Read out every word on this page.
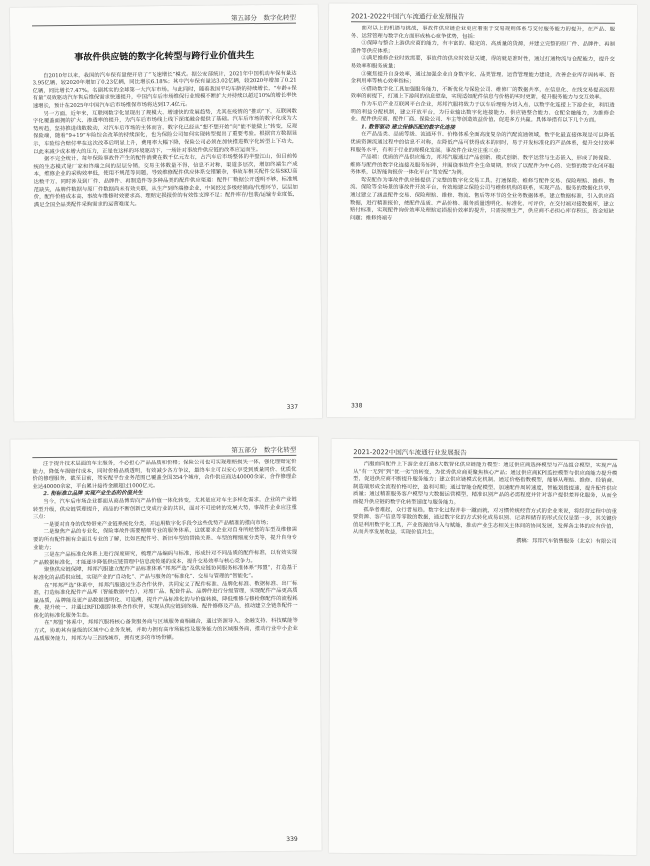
第五部分　数字化转型
事故件供应链的数字化转型与跨行业价值共生

自2010年以来，我国的汽车保有量便开启了“飞速增长”模式。据公安部统计，2021年中国机动车保有量达3.95亿辆，较2020年增加了0.23亿辆，同比增长6.18%；其中汽车保有量达3.02亿辆，较2020年增加了0.21亿辆，同比增长7.47%。名副其实的全球第一大汽车市场。与此同时，随着我国平均车龄的持续增长，“车龄+保有量”双效驱动汽车售后维保需求快速提升，中国汽车后市场维保行业规模不断扩大并持续以超过10%的增长率快速增长，预计在2025年中国汽车后市场维保市场将达到17.4亿元。

另一方面，近年来，互联网数字化显现出了规模大、增速快的发展趋势，尤其在疫情的“推动”下，互联网数字化覆盖面拥的扩大、渗透率的提升，为汽车后市场线上线下深度融合提供了基础。汽车后市场的数字化成为大势所趋，坚持推进线数数动，对汽车后市场的主体而言，数字化已经从“想不想开始”向“能不能做上”转变，反观保险端，随着“9+19”车险综合改革的持续深化，也为保险公司如何实现转型提出了重要考验。根据官方数据显示，车险综合赔付率在这次改革后明显上升，费用率大幅下降，保险公司必须在加快推进数字化转型上下功夫，以此来减少成本增大的压力，正是在这样的环境驱动下，一场针对事故件供应链的改革应运而生。

据不完全统计，每年保险事故件产生的配件消费在数千亿元左右，占汽车后市场整体的半壁江山，但目前传统的生态模式是厂家和终端之间的层层分销，交易主体数量不得，信息不对称，渠道多层次，增加终端生产成本，维修企业的采购效率低，使用不规范等问题，导致维修配件供应体系交错繁杂，事故车相关配件交易SKU高达数千万，同时涉及到厂件、品牌件、再制造件等多种品类的配件供应渠道：配件厂数据公开透明不够，标准规范缺失，品牌件数据与原厂件数据尚未有效关联，从生产到终端修企业，中间经过多级经销商/代理环节，层层加价，配件价格成本高，事故车维修时效要求高、理赔定损报价的有效性支撑不足；配件库存/包装/运输专业度低，满足全国全品类配件采购需求的运营难度大。

337
2021-2022中国汽车流通行业发展报告

面对以上的机遇与挑战，事故件供应链企业更应着重于交易规则体系与交付服务能力的提升，在产品、服务、运营管理与数字化方面形成核心竞争优势，包括：

①保障与整合上游供应商的能力，有丰富的、稳定的、高质量的货源，并建立完整的原厂件、品牌件、再制造件等供应体系；

②满足维修企业时效需要，事故件的供应时效是关键，得的就是准时性，通过打通物流与仓配能力，提升交易效率和服务质量；

③聚焦提升自身效率，通过加强企业自身数字化、品类管理、运营管理能力建设，改善企业库存周转率、资金利用率等核心效率指标；

④借助数字化工具加强服务能力，不断优化与保险公司、维修厂的数据共享，在信息化、在线交易提高流程效率的前提下，打通上下游间的信息壁垒，实现适如配件信息与价格的实时更新，提升服务能力与交互效率。

作为车后产业互联网平台企业，邦邦汽服将致力于以车后理赔为切入点，以数字化连接上下游企业，利用透明的利益分配机制，建立开放平台，为行业输出数字化连接能力、供应链整合能力、仓配全融能力，为维修企业、配件供应商、配件厂商、保险公司、车主等创造效益价值，促进多方共赢。具体举措有以下几个方面。

1. 数智驱动 建立保修匹配的数字化连接

在产品品类、品质等级、流通环节、价格体系全面高度复杂的汽配流通领域，数字化最直接体现是可以降低优质资源流通过程中的信息不对称，在降低产品可获得成本的同时，易于开发标准化的产品体系，提升交付效率和服务水平，有利于行业的规模化发展。事故件企业应注重三点：

产品端：优质的产品供应能力，邦邦汽服通过产品创新、模式创新、数字运营与生态嵌入，形成了跨保险、维修与配件的数字化连接及服务矩阵，并围绕事故件全生命周期，形成了以配件为中心的、完整的数字化闭环服务体系，以智能询报价一体化平台“驾安配”为例。

驾安配作为事故件供应链提供了完整的数字化交易工具，打通保险、维修与配件交易、保险理赔、维修、物流、保险等全场景的事故件开放平台，有效地建立保险公司与维修机构的联系，实现产品、服务的数据化共享，通过建立了涵盖配件交易、保险理赔、维修、物流、售后等环节的全业务数据体系，建立数据标准，引入供应商数据，进行精准报价，使配件品质、产品价格、服务质量透明化、标准化、可评价，在交付端对接数据库，建立赔付标准，实现配件询价效率及理赔定损报价效率的提升，只需按照生产，供应商不必担心库存积压，资金短缺问题；维修终端专

338
第五部分　数字化转型

注于提升技术层面的车主服务，不必担心产品品质和价格；保险公司也可实现理赔损失一体，强化理赔定价能力，降低车损赔付成本，同时价格品质透明，有效减少各方争议，最终车主可以安心享受到质量同价、优质优价的修理服务，截至目前，驾安配平台业务范围已覆盖全国354个城市，合作供应商达40000余家，合作修理企业达40000余家，平台累计接待金额超过1000亿元。

2. 衔标准立品牌 实现产业生态的价值共生

当今，汽车后市场企业都面从商品博弈向产品价值一体化转变，尤其是应对车主多样化需求，企业的产业链转型升级，供应链管理提升，商品的不断创新已变成行业的共识，面对不可逆转的发展大势，事故件企业应注重三点：

一是要对自身的优势带来产业链系统化分类，并运用数字化手段令这些优势产品精准的推向市场；

二是聚焦产品的专业化，保险事故件需要精细专业的服务体系，这就要求企业对自身所经营的车型及维修需要的所有配件拥有全面且专业的了解，比如匹配件号、新旧车型的替换关系、车型的精细度分类等，提升自身专业能力；

三是在产品标准化体系上进行深度研究，梳理产品编码与标准，形成针对不同品质的配件标准，以有效实现产品数据标准化，才能逐步降低供应链管理中信息流传递的成本，提升交易效率与核心竞争力。

聚焦供应链保障，邦邦汽服建立配件产品标准体系“邦邦严选”及供应链协同服务标准体系“邦盟”，打造基于标准化的品质供应链，实现产业的“自动化”、产品与服务的“标准化”、交易与管理的“智能化”。

在“邦邦严选”体系中，邦邦汽服通过生态合作伙伴，共同定义了配件标准、品牌化标准、数据标准、出厂标准，打造标准化配件产品库（智能数据中台），对原厂品、配套件品、品牌件进行分级管理，实现配件产品更高质量品质，品牌能及更产品数据透明化、可追溯，提升产品标准化的与价值转换，降低维修与修检修配件的流程耗费、提升统一、并通过RFID跟踪体系合作伙伴，实现从供应链到终端、配件修修及产品，推动建立全链条配件一体化的标准化服务生态。

在“邦盟”体系中，邦邦汽服将核心备货服务商与区域服务商相融合，通过资源导入、金融支持、科技赋能等方式，协助其有量级的区域中心业务发展，并助力拥有高市场粘性及服务能力的区域服务商，推动行业中小企业品质服务能力，邦邦为与三四线城市，拥有更多的市场份额。

339
2021-2022中国汽车流通行业发展报告

汽服面向配件上下游企业打造8大数智化供应链能力模型：通过供应商选择模型与产品组合模型，实现产品从“有一无到”到“优一劣”的转变，为优秀供应商更聚焦核心产品；通过供应商KPI监控模型与供应商能力提升模型，促进供应商不断提升服务能力；建立供应链模式化机制，通过价格指数模型，能够从理赔、维修、经销商、制造端形成全流程价格可控，盈利可期；通过智能仓配模型，加速配件周转速度，智能划拨提速，提升配件供应质量；通过精准服务客户模型与大数据运营模型，精准识别产品的必需程度并针对客户提供差异化服务，从而全面提升供应链的数字化转型速度与服务能力。

孤举者难起，众行者易趋。数字化过程并非一蹴而就，对习惯传统经营方式的企业来说，将经营过程中的重要资源、客户信息等零散的数据，通过数字化的方式转化成易识别、记录和储存的形式仅仅是第一步，其关键价值是利用数字化工具，产业资源的导入与赋能，推动产业生态相关主体间的协同发展，发挥各主体的应有价值，从而共享发展收益，实现价值共生。

撰稿：邦邦汽车销售服务（北京）有限公司
